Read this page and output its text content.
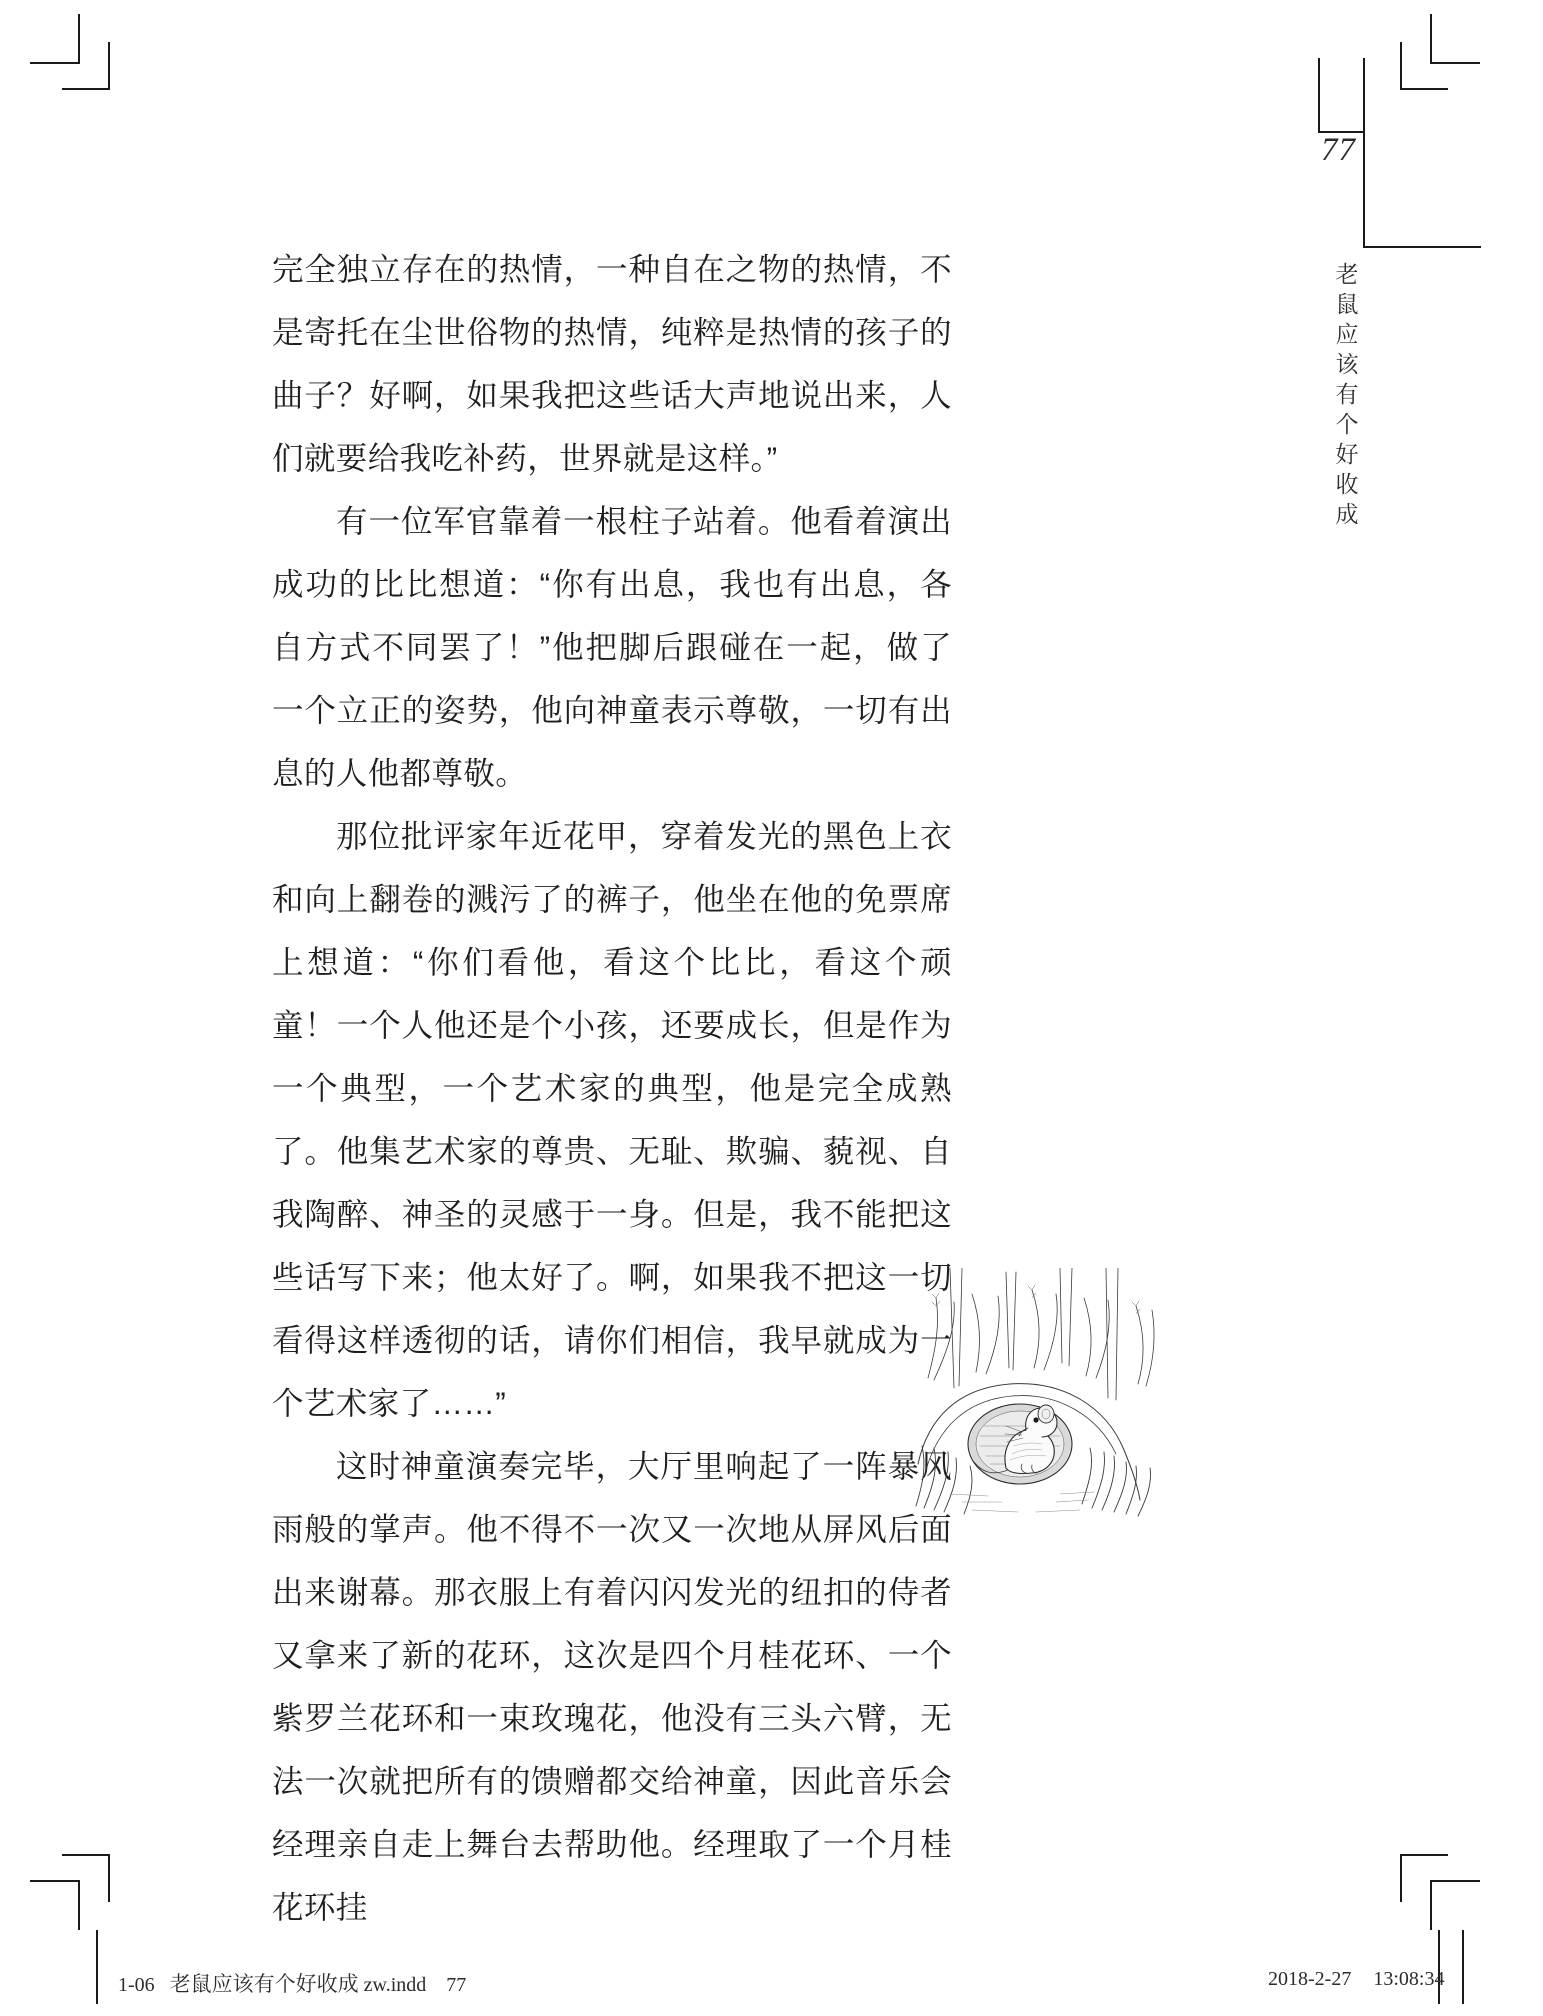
77
老
鼠
应
该
有
个
好
收
成

完全独立存在的热情，一种自在之物的热情，不是寄托在尘世俗物的热情，纯粹是热情的孩子的曲子？好啊，如果我把这些话大声地说出来，人们就要给我吃补药，世界就是这样。”

有一位军官靠着一根柱子站着。他看着演出成功的比比想道：“你有出息，我也有出息，各自方式不同罢了！”他把脚后跟碰在一起，做了一个立正的姿势，他向神童表示尊敬，一切有出息的人他都尊敬。

那位批评家年近花甲，穿着发光的黑色上衣和向上翻卷的溅污了的裤子，他坐在他的免票席上想道：“你们看他，看这个比比，看这个顽童！一个人他还是个小孩，还要成长，但是作为一个典型，一个艺术家的典型，他是完全成熟了。他集艺术家的尊贵、无耻、欺骗、藐视、自我陶醉、神圣的灵感于一身。但是，我不能把这些话写下来；他太好了。啊，如果我不把这一切看得这样透彻的话，请你们相信，我早就成为一个艺术家了……”

这时神童演奏完毕，大厅里响起了一阵暴风雨般的掌声。他不得不一次又一次地从屏风后面出来谢幕。那衣服上有着闪闪发光的纽扣的侍者又拿来了新的花环，这次是四个月桂花环、一个紫罗兰花环和一束玫瑰花，他没有三头六臂，无法一次就把所有的馈赠都交给神童，因此音乐会经理亲自走上舞台去帮助他。经理取了一个月桂花环挂

1-06 老鼠应该有个好收成 zw.indd 77	2018-2-27 13:08:34
